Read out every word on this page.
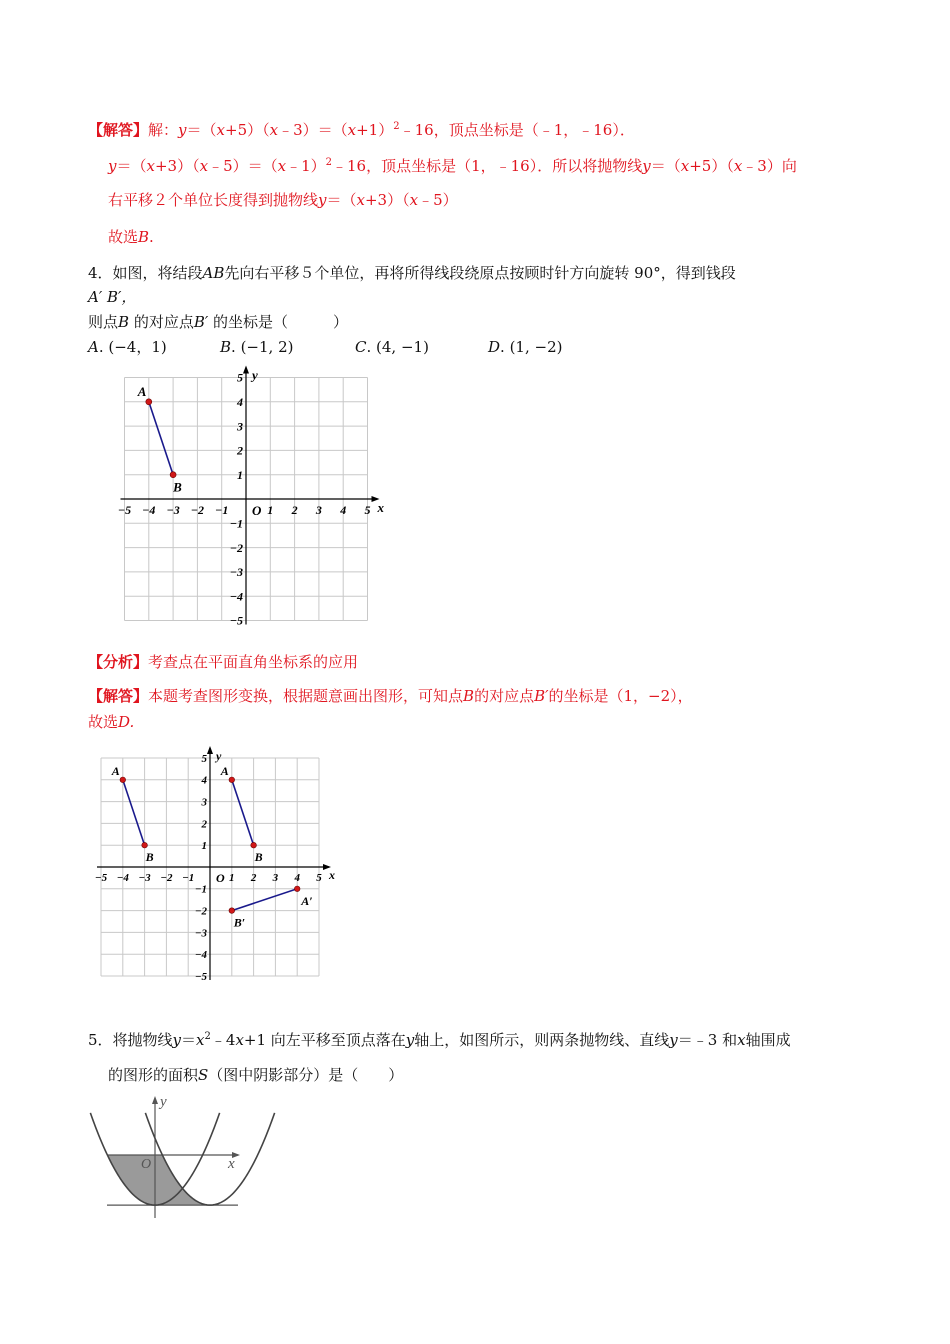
【解答】解：$y=(x+5)(x﹣3)=(x+1)^2﹣16$，顶点坐标是（﹣1，﹣16）．
y＝（x+3）（x﹣5）＝（x﹣1）$^2$﹣16，顶点坐标是（1，﹣16）．所以将抛物线y＝（x+5）（x﹣3）向
右平移２个单位长度得到抛物线y＝（x+3）（x﹣5）
故选B.
4．如图，将结段AB先向右平移５个单位，再将所得线段绕原点按顾时针方向旋转 90°，得到钱段
A′ B′，
则点B 的对应点B′ 的坐标是（　　　）
A. (−4，1)	B. (−1, 2)	C. (4, −1)	D. (1, −2)
−5 −4 −3 −2 −1	1 2 3 4 5
5
4
3
2
1
−1
−2
−3
−4
−5
x
y
O
A
B
【分析】考查点在平面直角坐标系的应用
【解答】本题考查图形变换，根据题意画出图形，可知点B的对应点B′的坐标是（1，−2），
故选D.
−5 −4 −3 −2 −1	1 2 3 4 5
5
4
3
2
1
−1
−2
−3
−4
−5
x
y
O
A
B
A
B
B′
A′
5．将抛物线$y=x^2﹣4x+1$ 向左平移至顶点落在y轴上，如图所示，则两条抛物线、直线y＝﹣3 和x轴围成
的图形的面积S（图中阴影部分）是（　　）
x
y
O
